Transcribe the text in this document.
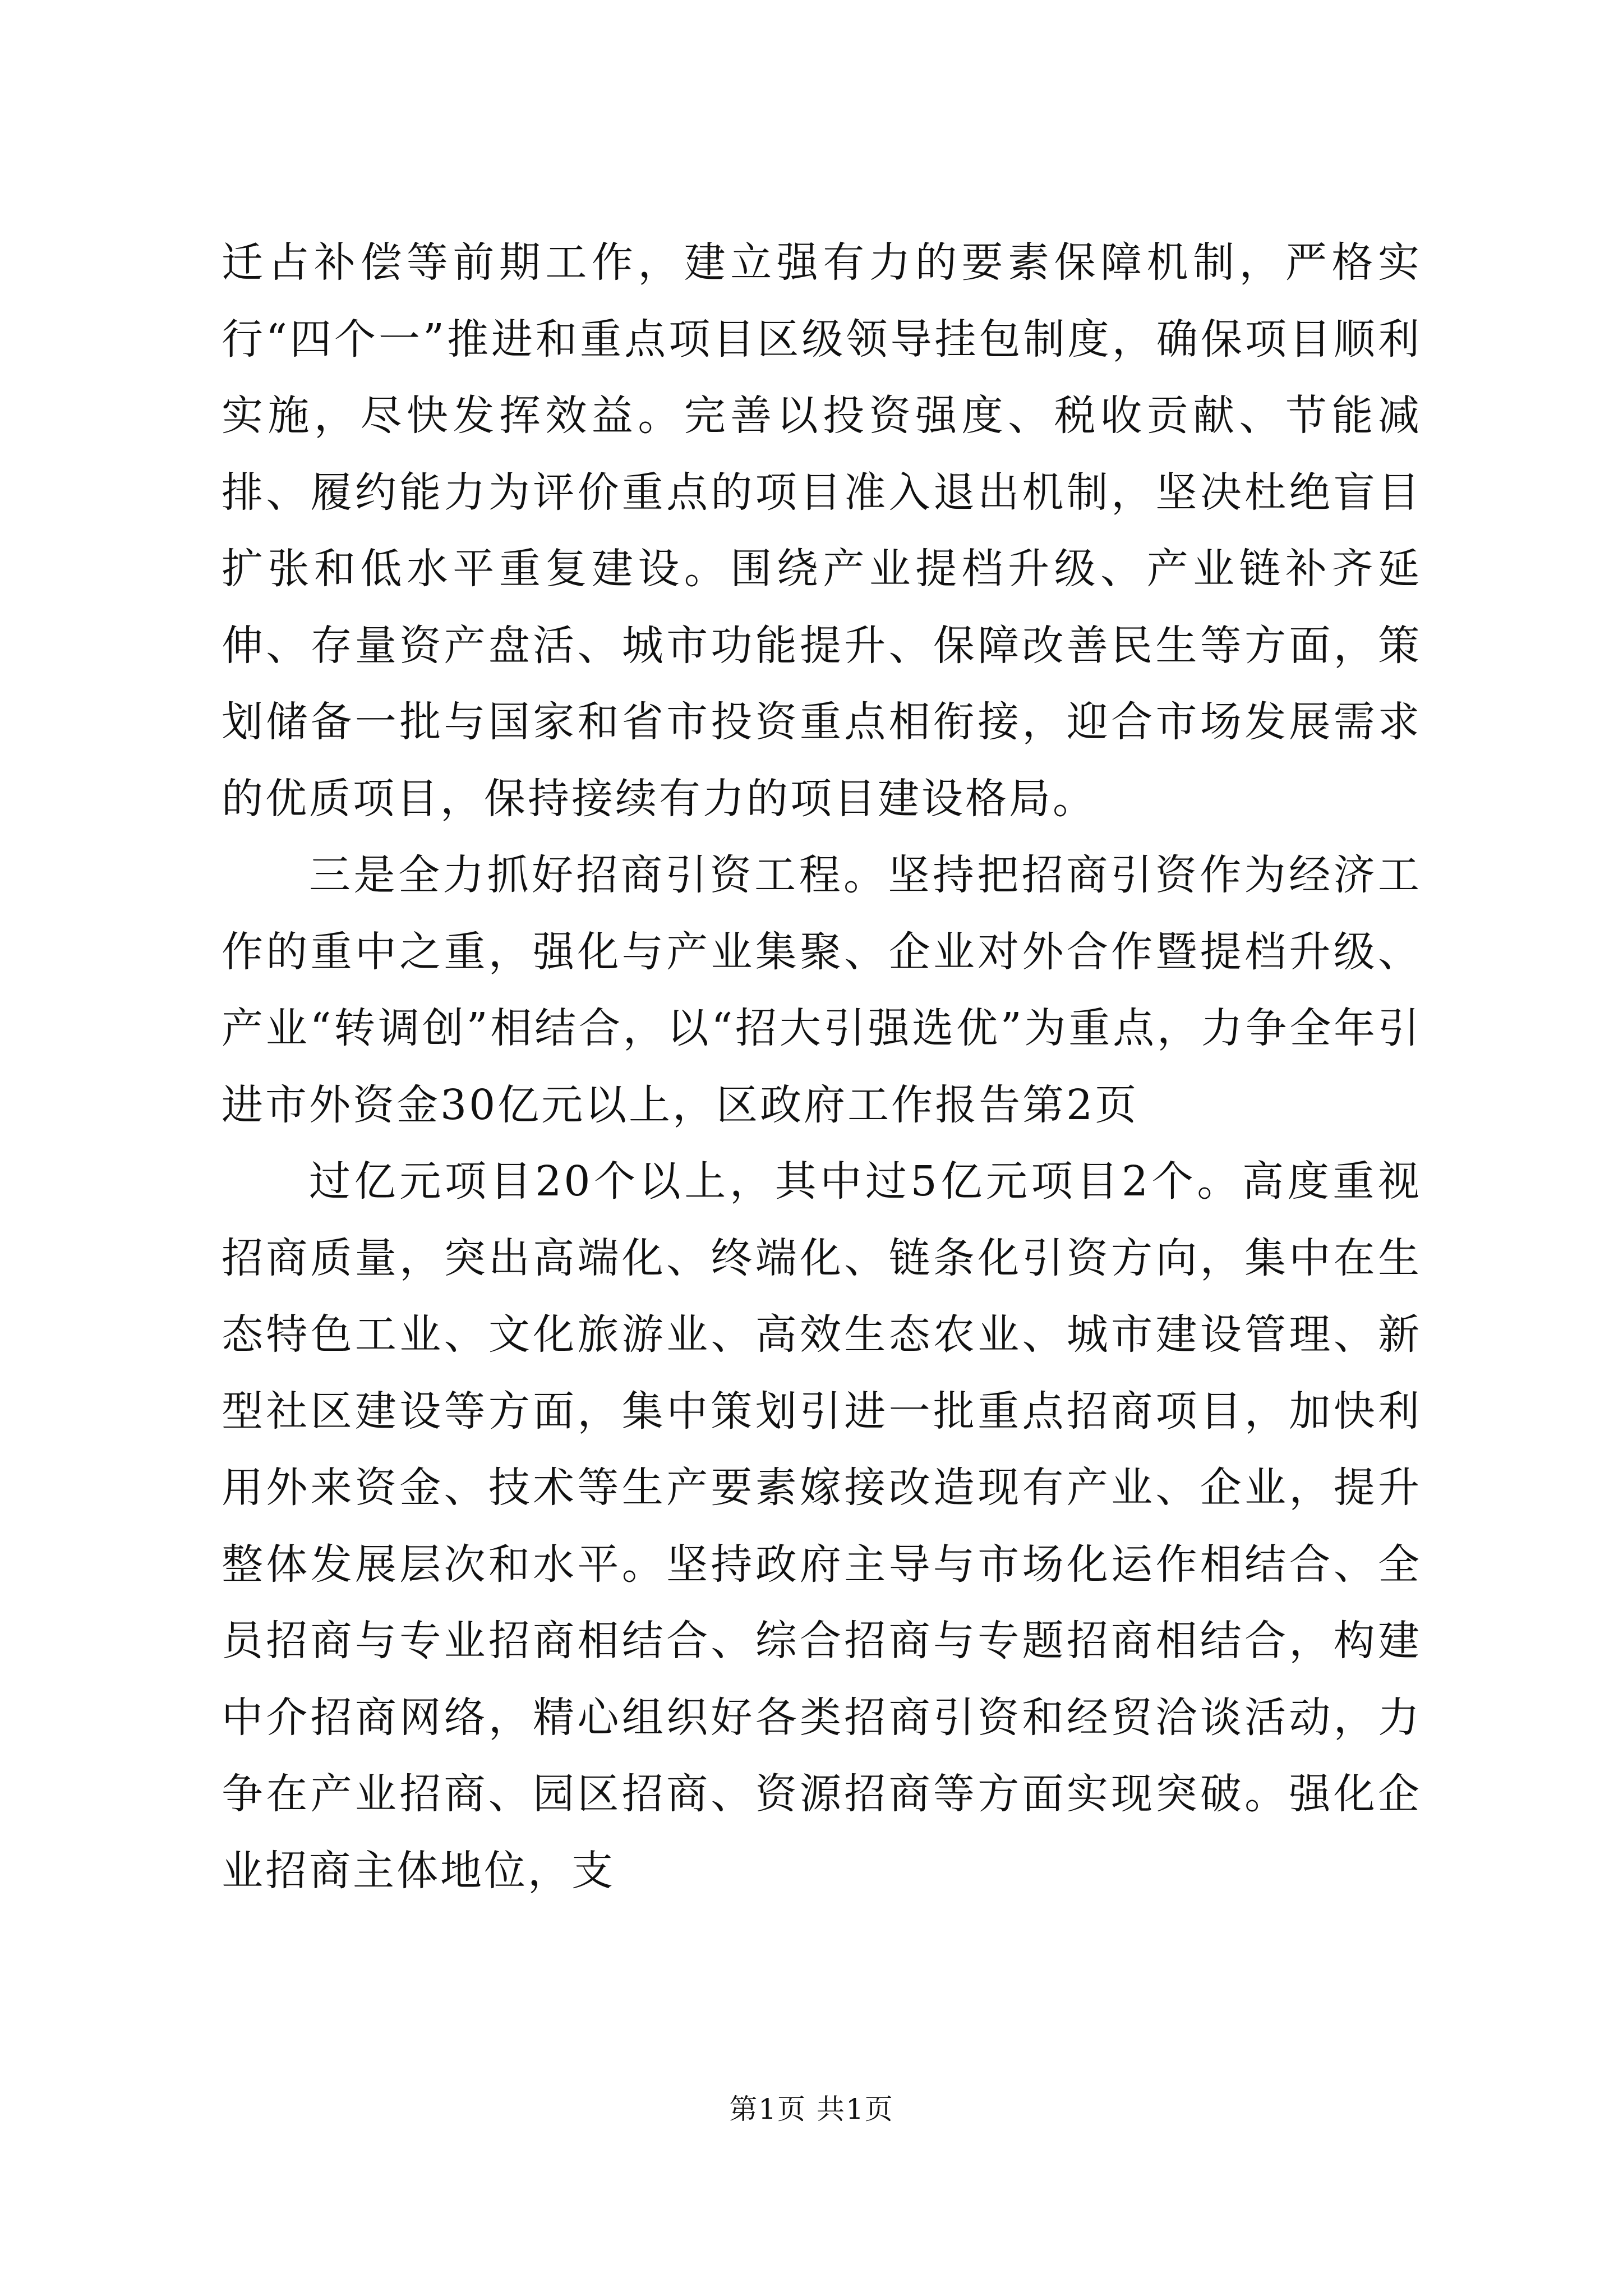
迁占补偿等前期工作，建立强有力的要素保障机制，严格实行“四个一”推进和重点项目区级领导挂包制度，确保项目顺利实施，尽快发挥效益。完善以投资强度、税收贡献、节能减排、履约能力为评价重点的项目准入退出机制，坚决杜绝盲目扩张和低水平重复建设。围绕产业提档升级、产业链补齐延伸、存量资产盘活、城市功能提升、保障改善民生等方面，策划储备一批与国家和省市投资重点相衔接，迎合市场发展需求的优质项目，保持接续有力的项目建设格局。

三是全力抓好招商引资工程。坚持把招商引资作为经济工作的重中之重，强化与产业集聚、企业对外合作暨提档升级、产业“转调创”相结合，以“招大引强选优”为重点，力争全年引进市外资金30亿元以上，区政府工作报告第2页

过亿元项目20个以上，其中过5亿元项目2个。高度重视招商质量，突出高端化、终端化、链条化引资方向，集中在生态特色工业、文化旅游业、高效生态农业、城市建设管理、新型社区建设等方面，集中策划引进一批重点招商项目，加快利用外来资金、技术等生产要素嫁接改造现有产业、企业，提升整体发展层次和水平。坚持政府主导与市场化运作相结合、全员招商与专业招商相结合、综合招商与专题招商相结合，构建中介招商网络，精心组织好各类招商引资和经贸洽谈活动，力争在产业招商、园区招商、资源招商等方面实现突破。强化企业招商主体地位，支

第1页 共1页
